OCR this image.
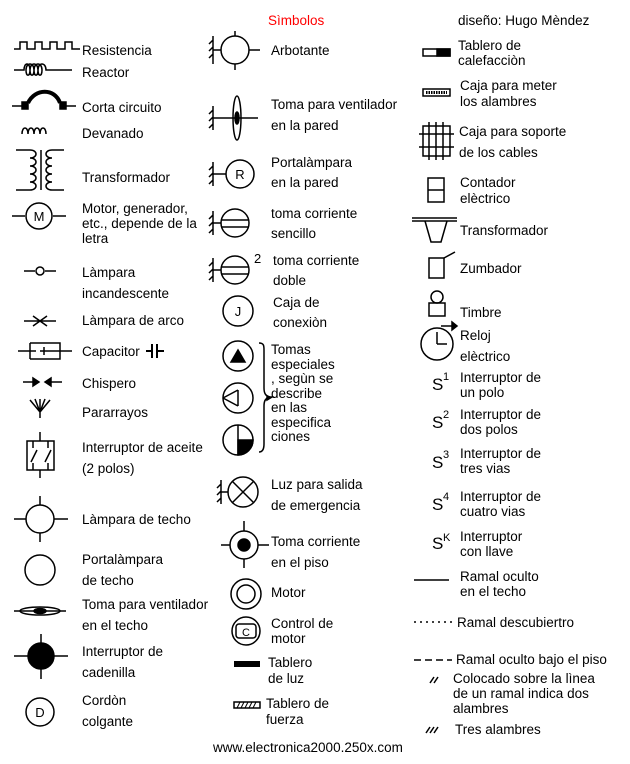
Sìmbolos	diseño: Hugo Mèndez
www.electronica2000.250x.com
Resistencia
Reactor
Corta circuito
Devanado
Transformador
Motor, generador,
etc., depende de la
letra
Làmpara
incandescente
Làmpara de arco
Capacitor
Chispero
Pararrayos
Interruptor de aceite
(2 polos)
Làmpara de techo
Portalàmpara
de techo
Toma para ventilador
en el techo
Interruptor de
cadenilla
Cordòn
colgante
Arbotante
Toma para ventilador
en la pared
Portalàmpara
en la pared
toma corriente
sencillo
toma corriente
doble
Caja de
conexiòn
Tomas
especiales
, segùn se
describe
en las
especifica
ciones
Luz para salida
de emergencia
Toma corriente
en el piso
Motor
Control de
motor
Tablero
de luz
Tablero de
fuerza
Tablero de
calefacciòn
Caja para meter
los alambres
Caja para soporte
de los cables
Contador
elèctrico
Transformador
Zumbador
Timbre
Reloj
elèctrico
Interruptor de
un polo
Interruptor de
dos polos
Interruptor de
tres vias
Interruptor de
cuatro vias
Interruptor
con llave
Ramal oculto
en el techo
Ramal descubiertro
Ramal oculto bajo el piso
Colocado sobre la lìnea
de un ramal indica dos
alambres
Tres alambres
M
D
R
2
J
C
S 1
S 2
S 3
S 4
S K
